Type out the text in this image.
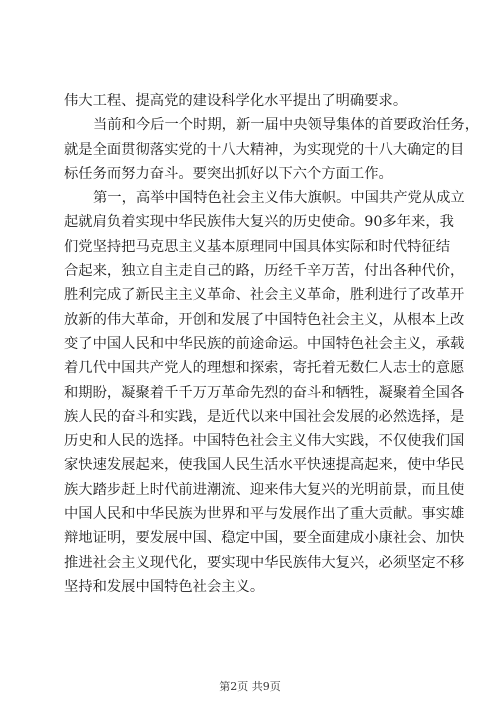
伟大工程、提高党的建设科学化水平提出了明确要求。
当前和今后一个时期，新一届中央领导集体的首要政治任务，
就是全面贯彻落实党的十八大精神，为实现党的十八大确定的目
标任务而努力奋斗。要突出抓好以下六个方面工作。
第一，高举中国特色社会主义伟大旗帜。中国共产党从成立
起就肩负着实现中华民族伟大复兴的历史使命。90多年来，我
们党坚持把马克思主义基本原理同中国具体实际和时代特征结
合起来，独立自主走自己的路，历经千辛万苦，付出各种代价，
胜利完成了新民主主义革命、社会主义革命，胜利进行了改革开
放新的伟大革命，开创和发展了中国特色社会主义，从根本上改
变了中国人民和中华民族的前途命运。中国特色社会主义，承载
着几代中国共产党人的理想和探索，寄托着无数仁人志士的意愿
和期盼，凝聚着千千万万革命先烈的奋斗和牺牲，凝聚着全国各
族人民的奋斗和实践，是近代以来中国社会发展的必然选择，是
历史和人民的选择。中国特色社会主义伟大实践，不仅使我们国
家快速发展起来，使我国人民生活水平快速提高起来，使中华民
族大踏步赶上时代前进潮流、迎来伟大复兴的光明前景，而且使
中国人民和中华民族为世界和平与发展作出了重大贡献。事实雄
辩地证明，要发展中国、稳定中国，要全面建成小康社会、加快
推进社会主义现代化，要实现中华民族伟大复兴，必须坚定不移
坚持和发展中国特色社会主义。
第2页 共9页
